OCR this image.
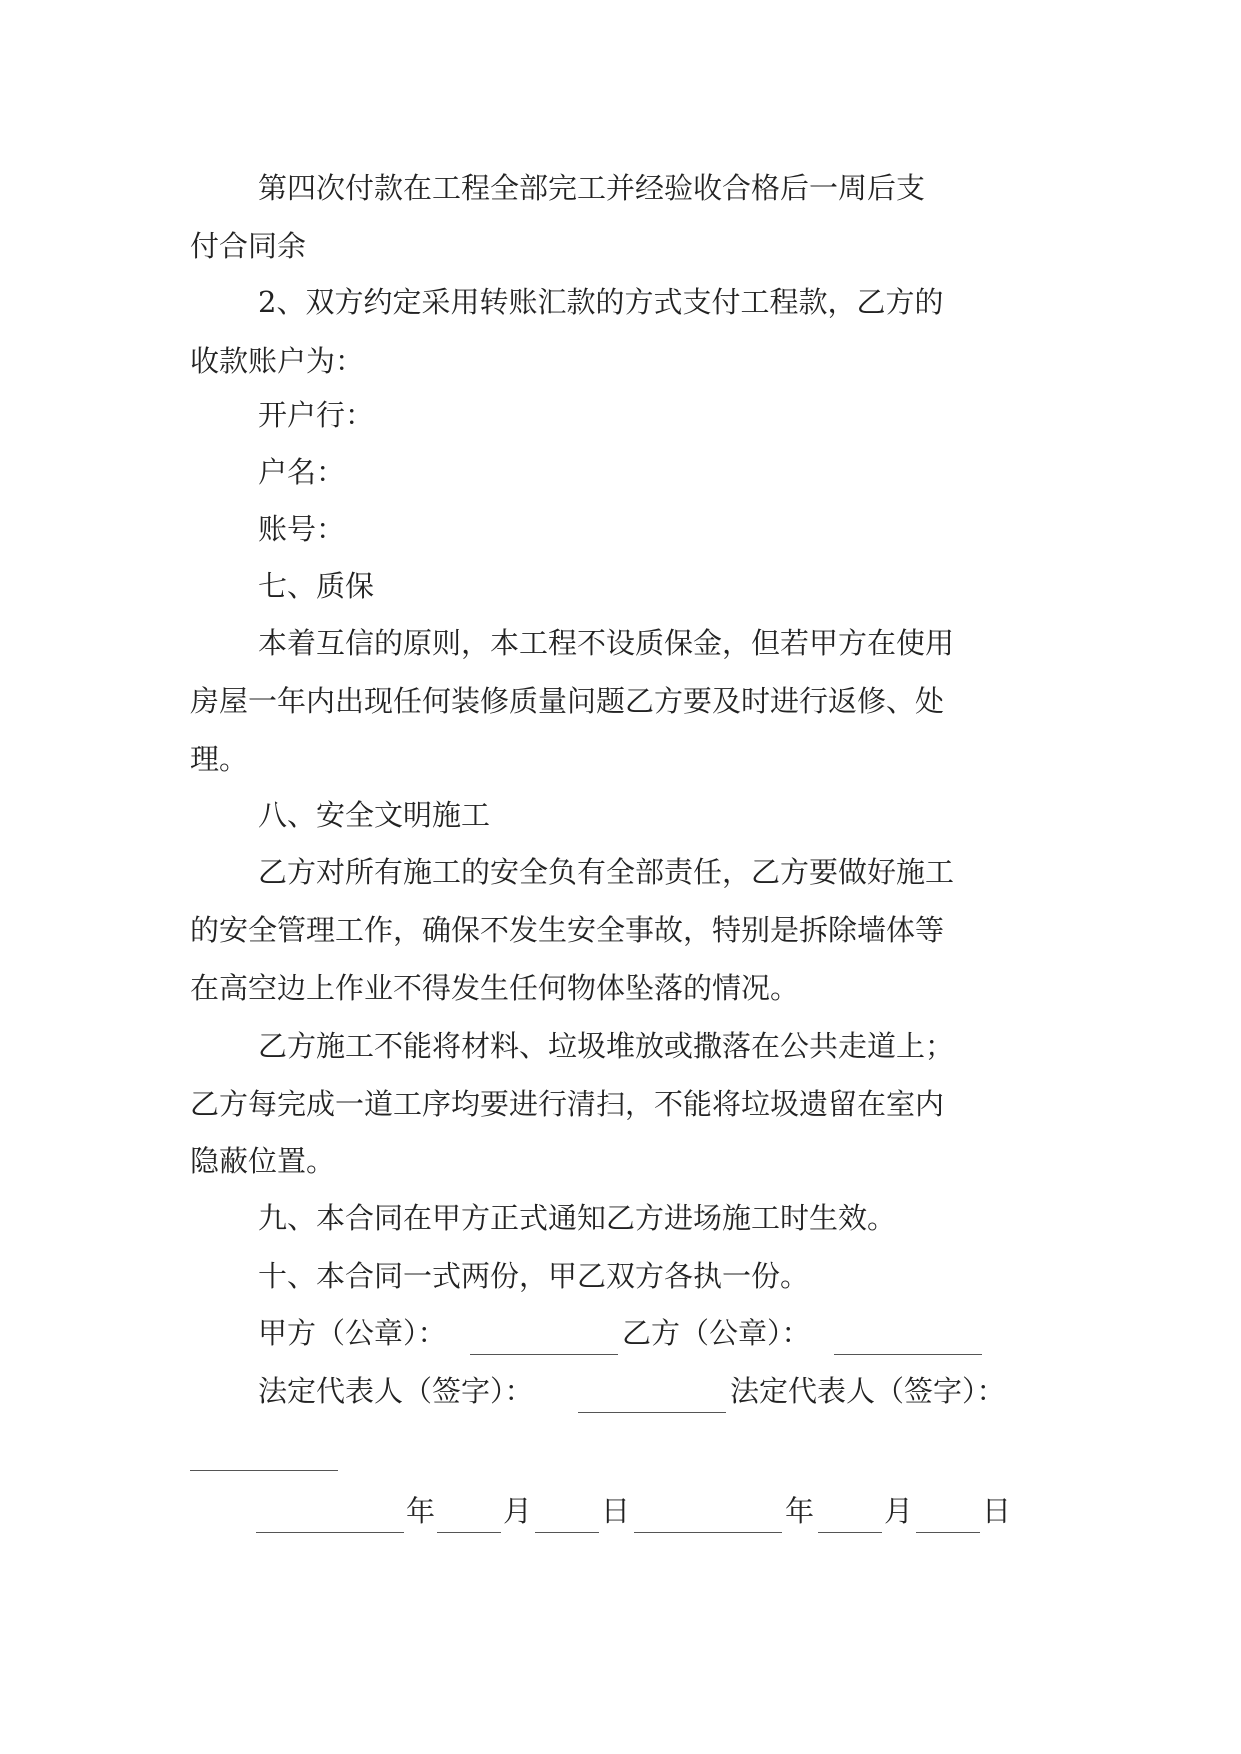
第四次付款在工程全部完工并经验收合格后一周后支
付合同余
2、双方约定采用转账汇款的方式支付工程款，乙方的
收款账户为：
开户行：
户名：
账号：
七、质保
本着互信的原则，本工程不设质保金，但若甲方在使用
房屋一年内出现任何装修质量问题乙方要及时进行返修、处
理。
八、安全文明施工
乙方对所有施工的安全负有全部责任，乙方要做好施工
的安全管理工作，确保不发生安全事故，特别是拆除墙体等
在高空边上作业不得发生任何物体坠落的情况。
乙方施工不能将材料、垃圾堆放或撒落在公共走道上；
乙方每完成一道工序均要进行清扫，不能将垃圾遗留在室内
隐蔽位置。
九、本合同在甲方正式通知乙方进场施工时生效。
十、本合同一式两份，甲乙双方各执一份。
甲方（公章）：	乙方（公章）：
法定代表人（签字）：	法定代表人（签字）：
年 月 日	年 月 日
